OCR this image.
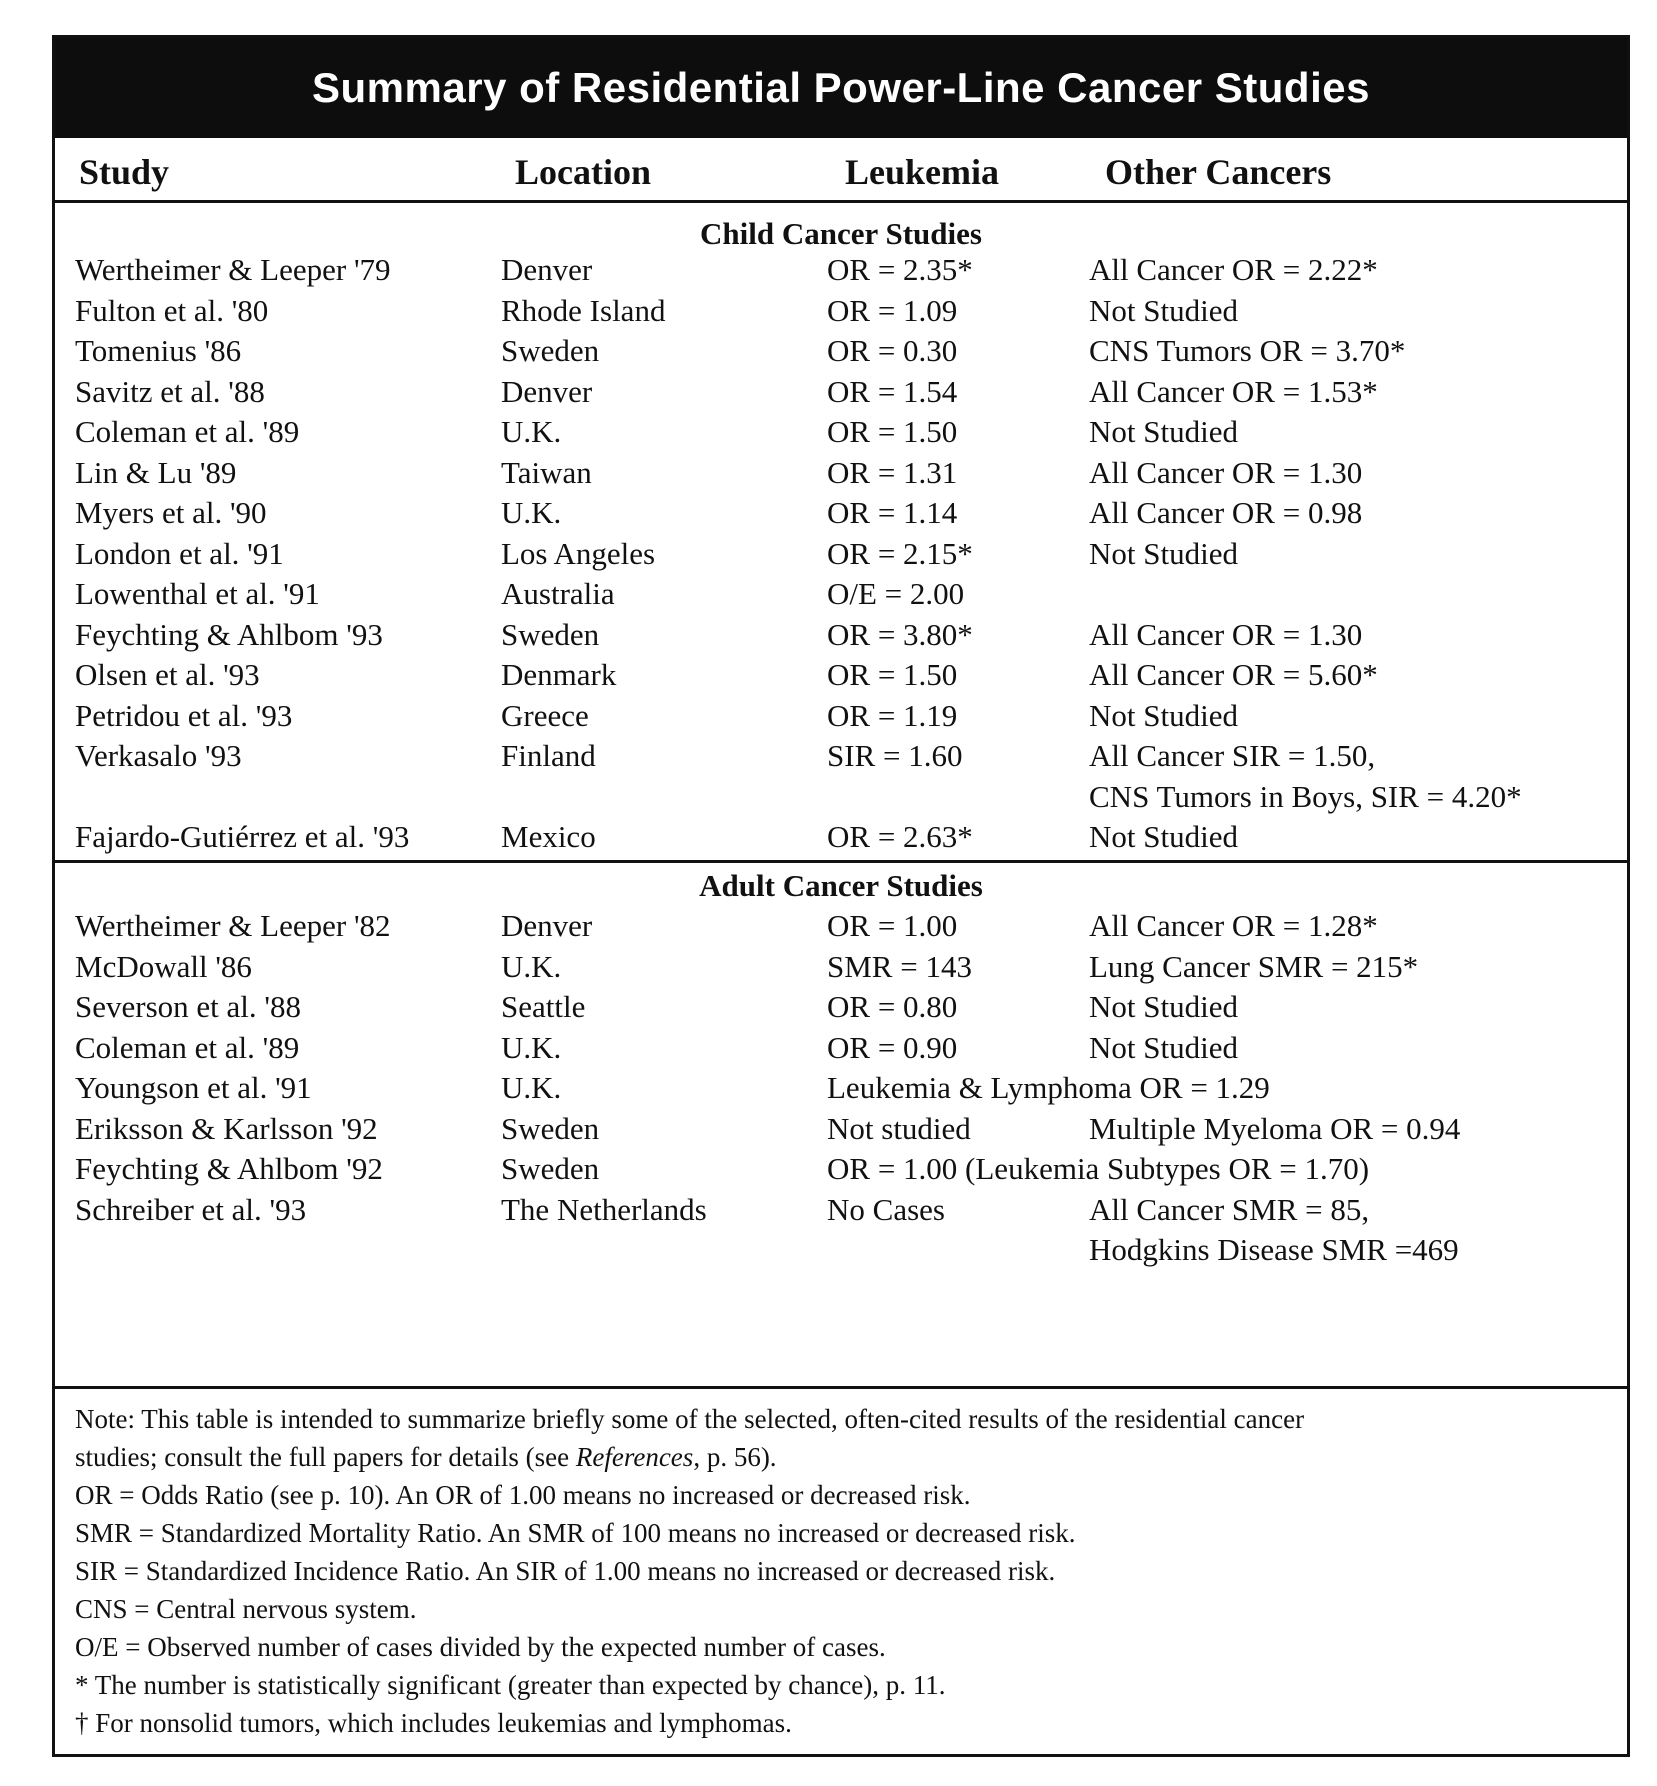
Summary of Residential Power-Line Cancer Studies
Study	Location	Leukemia	Other Cancers
Child Cancer Studies
Wertheimer & Leeper '79	Denver	OR = 2.35*	All Cancer OR = 2.22*
Fulton et al. '80	Rhode Island	OR = 1.09	Not Studied
Tomenius '86	Sweden	OR = 0.30	CNS Tumors OR = 3.70*
Savitz et al. '88	Denver	OR = 1.54	All Cancer OR = 1.53*
Coleman et al. '89	U.K.	OR = 1.50	Not Studied
Lin & Lu '89	Taiwan	OR = 1.31	All Cancer OR = 1.30
Myers et al. '90	U.K.	OR = 1.14	All Cancer OR = 0.98
London et al. '91	Los Angeles	OR = 2.15*	Not Studied
Lowenthal et al. '91	Australia	O/E = 2.00
Feychting & Ahlbom '93	Sweden	OR = 3.80*	All Cancer OR = 1.30
Olsen et al. '93	Denmark	OR = 1.50	All Cancer OR = 5.60*
Petridou et al. '93	Greece	OR = 1.19	Not Studied
Verkasalo '93	Finland	SIR = 1.60	All Cancer SIR = 1.50,
CNS Tumors in Boys, SIR = 4.20*
Fajardo-Gutiérrez et al. '93	Mexico	OR = 2.63*	Not Studied
Adult Cancer Studies
Wertheimer & Leeper '82	Denver	OR = 1.00	All Cancer OR = 1.28*
McDowall '86	U.K.	SMR = 143	Lung Cancer SMR = 215*
Severson et al. '88	Seattle	OR = 0.80	Not Studied
Coleman et al. '89	U.K.	OR = 0.90	Not Studied
Youngson et al. '91	U.K.	Leukemia & Lymphoma OR = 1.29
Eriksson & Karlsson '92	Sweden	Not studied	Multiple Myeloma OR = 0.94
Feychting & Ahlbom '92	Sweden	OR = 1.00 (Leukemia Subtypes OR = 1.70)
Schreiber et al. '93	The Netherlands	No Cases	All Cancer SMR = 85,
Hodgkins Disease SMR =469
Note: This table is intended to summarize briefly some of the selected, often-cited results of the residential cancer
studies; consult the full papers for details (see References, p. 56).
OR = Odds Ratio (see p. 10). An OR of 1.00 means no increased or decreased risk.
SMR = Standardized Mortality Ratio. An SMR of 100 means no increased or decreased risk.
SIR = Standardized Incidence Ratio. An SIR of 1.00 means no increased or decreased risk.
CNS = Central nervous system.
O/E = Observed number of cases divided by the expected number of cases.
* The number is statistically significant (greater than expected by chance), p. 11.
† For nonsolid tumors, which includes leukemias and lymphomas.
